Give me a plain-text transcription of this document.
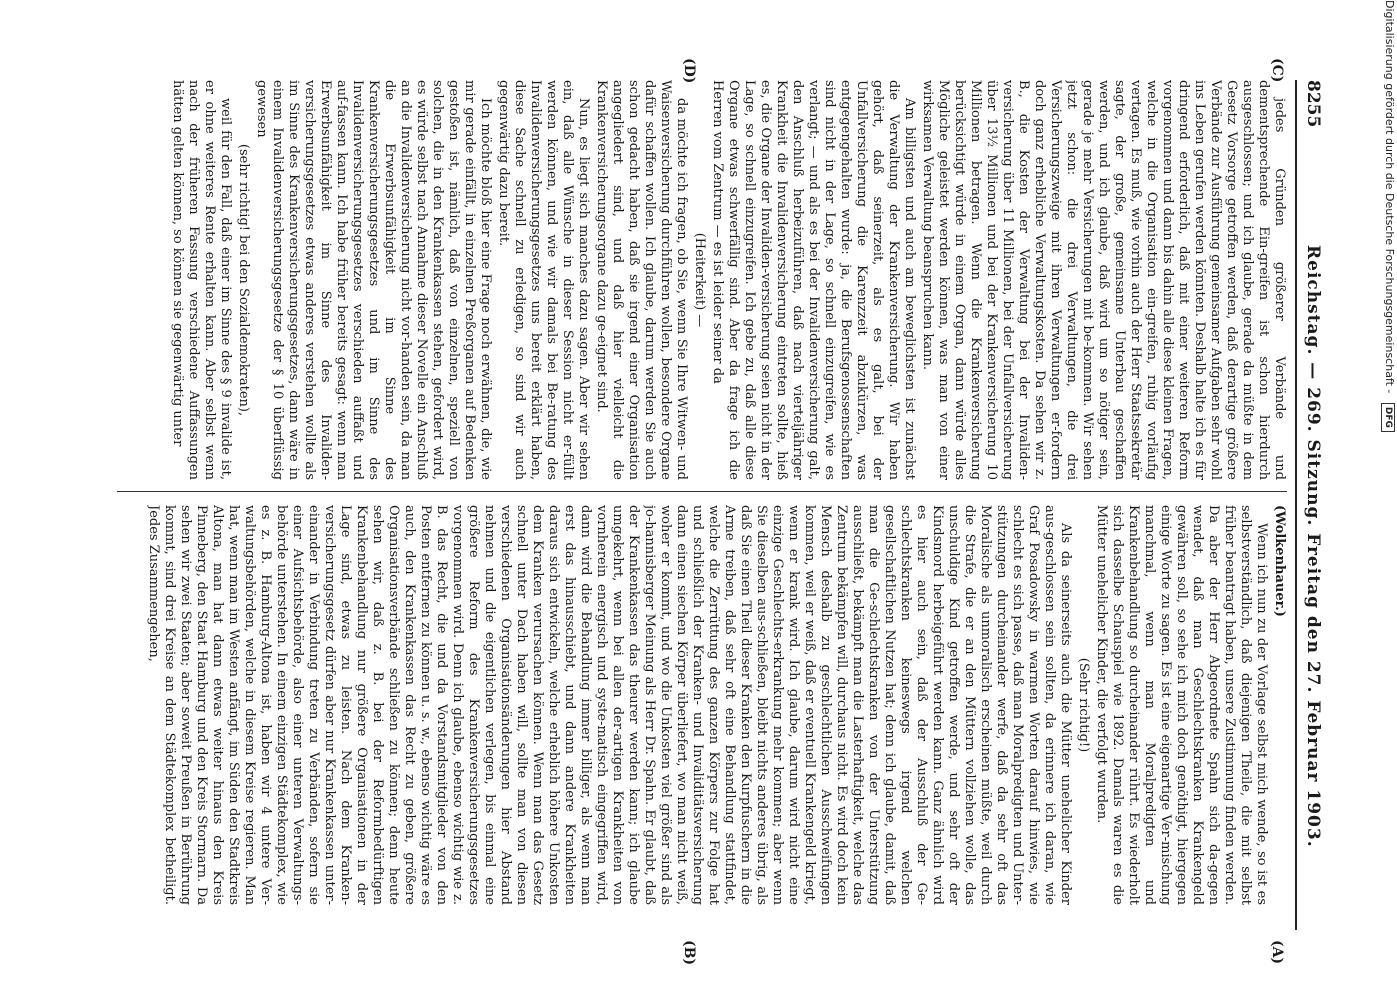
Digitalisierung gefördert durch die Deutsche Forschungsgemeinschaft - DFG
8255
Reichstag. — 269. Sitzung. Freitag den 27. Februar 1903.
(C)
(D)
(A)
(B)

jedes Gründen größerer Verbände und dementsprechende Ein-greifen ist schon hierdurch ausgeschlossen; und ich glaube, gerade da müßte in dem Gesetz Vorsorge getroffen werden, daß derartige größere Verbände zur Ausführung gemeinsamer Aufgaben sehr wohl ins Leben gerufen werden könnten. Deshalb halte ich es für dringend erforderlich, daß mit einer weiteren Reform vorgenommen und dann bis dahin alle diese kleinen Fragen, welche in die Organisation ein-greifen, ruhig vorläufig vertagen. Es muß, wie vorhin auch der Herr Staatssekretär sagte, der große, gemeinsame Unterbau geschaffen werden, und ich glaube, daß wird um so nötiger sein, gerade je mehr Versicherungen mit be-kommen. Wir sehen jetzt schon: die drei Verwaltungen, die drei Versicherungszweige mit ihren Verwaltungen er-fordern doch ganz erhebliche Verwaltungskosten. Da sehen wir z. B., die Kosten der Verwaltung bei der Invaliden-versicherung über 11 Millionen, bei der Unfallversicherung über 13½ Millionen und bei der Krankenversicherung 10 Millionen betragen. Wenn die Krankenversicherung berücksichtigt würde in einem Organ, dann würde alles Mögliche geleistet werden können, was man von einer wirksamen Verwaltung beanspruchen kann.

Am billigsten und auch am beweglichsten ist zunächst die Verwaltung der Krankenversicherung. Wir haben gehört, daß seinerzeit, als es galt, bei der Unfallversicherung die Karenzzeit abzukürzen, was entgegengehalten wurde: ja, die Berufsgenossenschaften sind nicht in der Lage, so schnell einzugreifen, wie es verlangt; — und als es bei der Invalidenversicherung galt, den Anschluß herbeizuführen, daß nach vierteljähriger Krankheit die Invalidenversicherung eintreten sollte, hieß es, die Organe der Invaliden-versicherung seien nicht in der Lage, so schnell einzugreifen. Ich gebe zu, daß alle diese Organe etwas schwerfällig sind. Aber da frage ich die Herren vom Zentrum — es ist leider seiner da

(Heiterkeit) —

da möchte ich fragen, ob Sie, wenn Sie Ihre Witwen- und Waisenversicherung durchführen wollen, besondere Organe dafür schaffen wollen. Ich glaube, darum werden Sie auch schon gedacht haben, daß sie irgend einer Organisation angegliedert sind, und daß hier vielleicht die Krankenversicherungsorgane dazu ge-eignet sind.

Nun, es liegt sich manches dazu sagen. Aber wir sehen ein, daß alle Wünsche in dieser Session nicht er-füllt werden können, und wie wir damals bei Be-ratung des Invalidenversicherungsgesetzes uns bereit erklärt haben, diese Sache schnell zu erledigen, so sind wir auch gegenwärtig dazu bereit.

Ich möchte bloß hier eine Frage noch erwähnen, die, wie mir gerade einfällt, in einzelnen Preßorganen auf Bedenken gestoßen ist, nämlich, daß von einzelnen, speziell von solchen, die in den Krankenkassen stehen, gefordert wird, es würde selbst nach Annahme dieser Novelle ein Anschluß an die Invalidenversicherung nicht vor-handen sein, da man die Erwerbsunfähigkeit im Sinne des Krankenversicherungsgesetzes und im Sinne des Invalidenversicherungsgesetzes verschieden auffaßt und auf-fassen kann. Ich habe früher bereits gesagt: wenn man Erwerbsunfähigkeit im Sinne des Invaliden-versicherungsgesetzes etwas anderes verstehen wollte als im Sinne des Krankenversicherungsgesetzes, dann wäre in einem Invalidenversicherungsgesetze der § 10 überflüssig gewesen

(sehr richtig! bei den Sozialdemokraten),

weil für den Fall, daß einer im Sinne des § 9 invalide ist, er ohne weiteres Rente erhalten kann. Aber selbst wenn nach der früheren Fassung verschiedene Auffassungen hätten gelten können, so können sie gegenwärtig unter

(Wolkenhauer.)

Wenn ich nun zu der Vorlage selbst mich wende, so ist es selbstverständlich, daß diejenigen Theile, die mit selbst früher beantragt haben, unsere Zustimmung finden werden. Da aber der Herr Abgeordnete Spahn sich da-gegen wendet, daß man Geschlechtskranken Krankengeld gewähren soll, so sehe ich mich doch genöthigt, hiergegen einige Worte zu sagen. Es ist eine eigenartige Ver-mischung manchmal, wenn man Moralpredigten und Krankenbehandlung so durcheinander rührt. Es wiederholt sich dasselbe Schauspiel wie 1892. Damals waren es die Mütter unehelicher Kinder, die verfolgt wurden.

(Sehr richtig!)

Als da seinerseits auch die Mütter unehelicher Kinder aus-geschlossen sein sollten, da erinnere ich daran, wie Graf Posadowsky in warmen Worten darauf hinwies, wie schlecht es sich passe, daß man Moralpredigten und Unter-stützungen durcheinander werfe, daß da sehr oft das Moralische als unmoralisch erscheinen müßte, weil durch die Strafe, die er an den Müttern vollziehen wolle, das unschuldige Kind getroffen werde, und sehr oft der Kindsmord herbeigeführt werden kann. Ganz ähnlich wird es hier auch sein, daß der Ausschluß der Ge-schlechtskranken keineswegs irgend welchen gesellschaftlichen Nutzen hat; denn ich glaube, damit, daß man die Ge-schlechtskranken von der Unterstützung ausschließt, bekämpft man die Lasterhaftigkeit, welche das Zentrum bekämpfen will, durchaus nicht. Es wird doch kein Mensch deshalb zu geschlechtlichen Ausschweifungen kommen, weil er weiß, daß er eventuell Krankengeld kriegt, wenn er krank wird. Ich glaube, darum wird nicht eine einzige Geschlechts-erkrankung mehr kommen; aber wenn Sie dieselben aus-schließen, bleibt nichts anderes übrig, als daß Sie einen Theil dieser Kranken den Kurpfuschern in die Arme treiben, daß sehr oft eine Behandlung stattfindet, welche die Zerrüttung des ganzen Körpers zur Folge hat und schließlich der Kranken- und Invaliditätsversicherung dann einen siechen Körper überliefert, wo man nicht weiß, woher er kommt, und wo die Unkosten viel größer sind als jo-hannisberger Meinung als Herr Dr. Spahn. Er glaubt, daß der Krankenkassen das theurer werden kann; ich glaube umgekehrt, wenn bei allen der-artigen Krankheiten von vornherein energisch und syste-matisch eingegriffen wird, dann wird die Behandlung immer billiger, als wenn man erst das hinausschiebt, und dann andere Krankheiten daraus sich entwickeln, welche erheblich höhere Unkosten dem Kranken verursachen können. Wenn man das Gesetz schnell unter Dach haben will, sollte man von diesen verschiedenen Organisationsänderungen hier Abstand nehmen und die eigentlichen verlegen, bis einmal eine größere Reform des Krankenversicherungsgesetzes vorgenommen wird. Denn ich glaube, ebenso wichtig wie z. B. das Recht, die und da Vorstandsmitglieder von den Posten entfernen zu können u. s. w., ebenso wichtig wäre es auch, den Krankenkassen das Recht zu geben, größere Organisationsverbände schließen zu können; denn heute sehen wir, daß z. B. bei der Reformbedürftigen Krankenbehandlung nur größere Organisationen in der Lage sind, etwas zu leisten. Nach dem Kranken-versicherungsgesetz dürfen aber nur Krankenkassen unter-einander in Verbindung treten zu Verbänden, sofern sie einer Aufsichtsbehörde, also einer unteren Verwaltungs-behörde unterstehen. In einem einzigen Städtekomplex, wie es z. B. Hamburg-Altona ist, haben wir 4 untere Ver-waltungsbehörden, welche in diesem Kreise regieren. Man hat, wenn man im Westen anfängt, im Süden den Stadtkreis Altona, man hat dann etwas weiter hinaus den Kreis Pinneberg, den Staat Hamburg und den Kreis Stormarn. Da sehen wir zwei Staaten; aber soweit Preußen in Berührung kommt, sind drei Kreise an dem Städtekomplex betheiligt. Jedes Zusammengehen,
